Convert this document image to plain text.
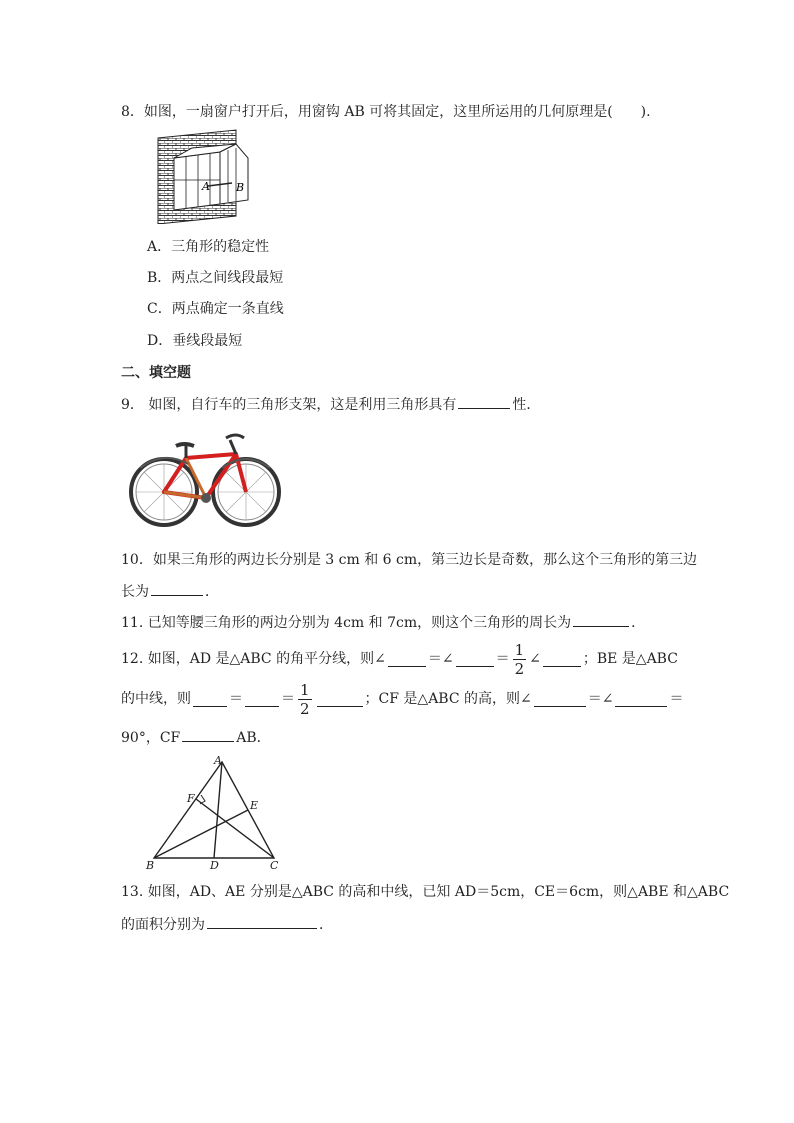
8．如图，一扇窗户打开后，用窗钩 AB 可将其固定，这里所运用的几何原理是(　　).
A B
A．三角形的稳定性
B．两点之间线段最短
C．两点确定一条直线
D．垂线段最短
二、填空题
9． 如图，自行车的三角形支架，这是利用三角形具有	性．
10．如果三角形的两边长分别是 3 cm 和 6 cm，第三边长是奇数，那么这个三角形的第三边
长为	．
11. 已知等腰三角形的两边分别为 4cm 和 7cm，则这个三角形的周长为	．
12. 如图，AD 是△ABC 的角平分线，则∠	＝ ∠	＝ $\frac{1}{2}$ ∠	；BE 是△ABC
的中线，则	＝	＝ $\frac{1}{2}$	；CF 是△ABC 的高，则∠	＝ ∠	＝
90°，CF	AB．
A
B	C
D
E
F
13. 如图，AD、AE 分别是△ABC 的高和中线，已知 AD＝5cm，CE＝6cm，则△ABE 和△ABC
的面积分别为	．
